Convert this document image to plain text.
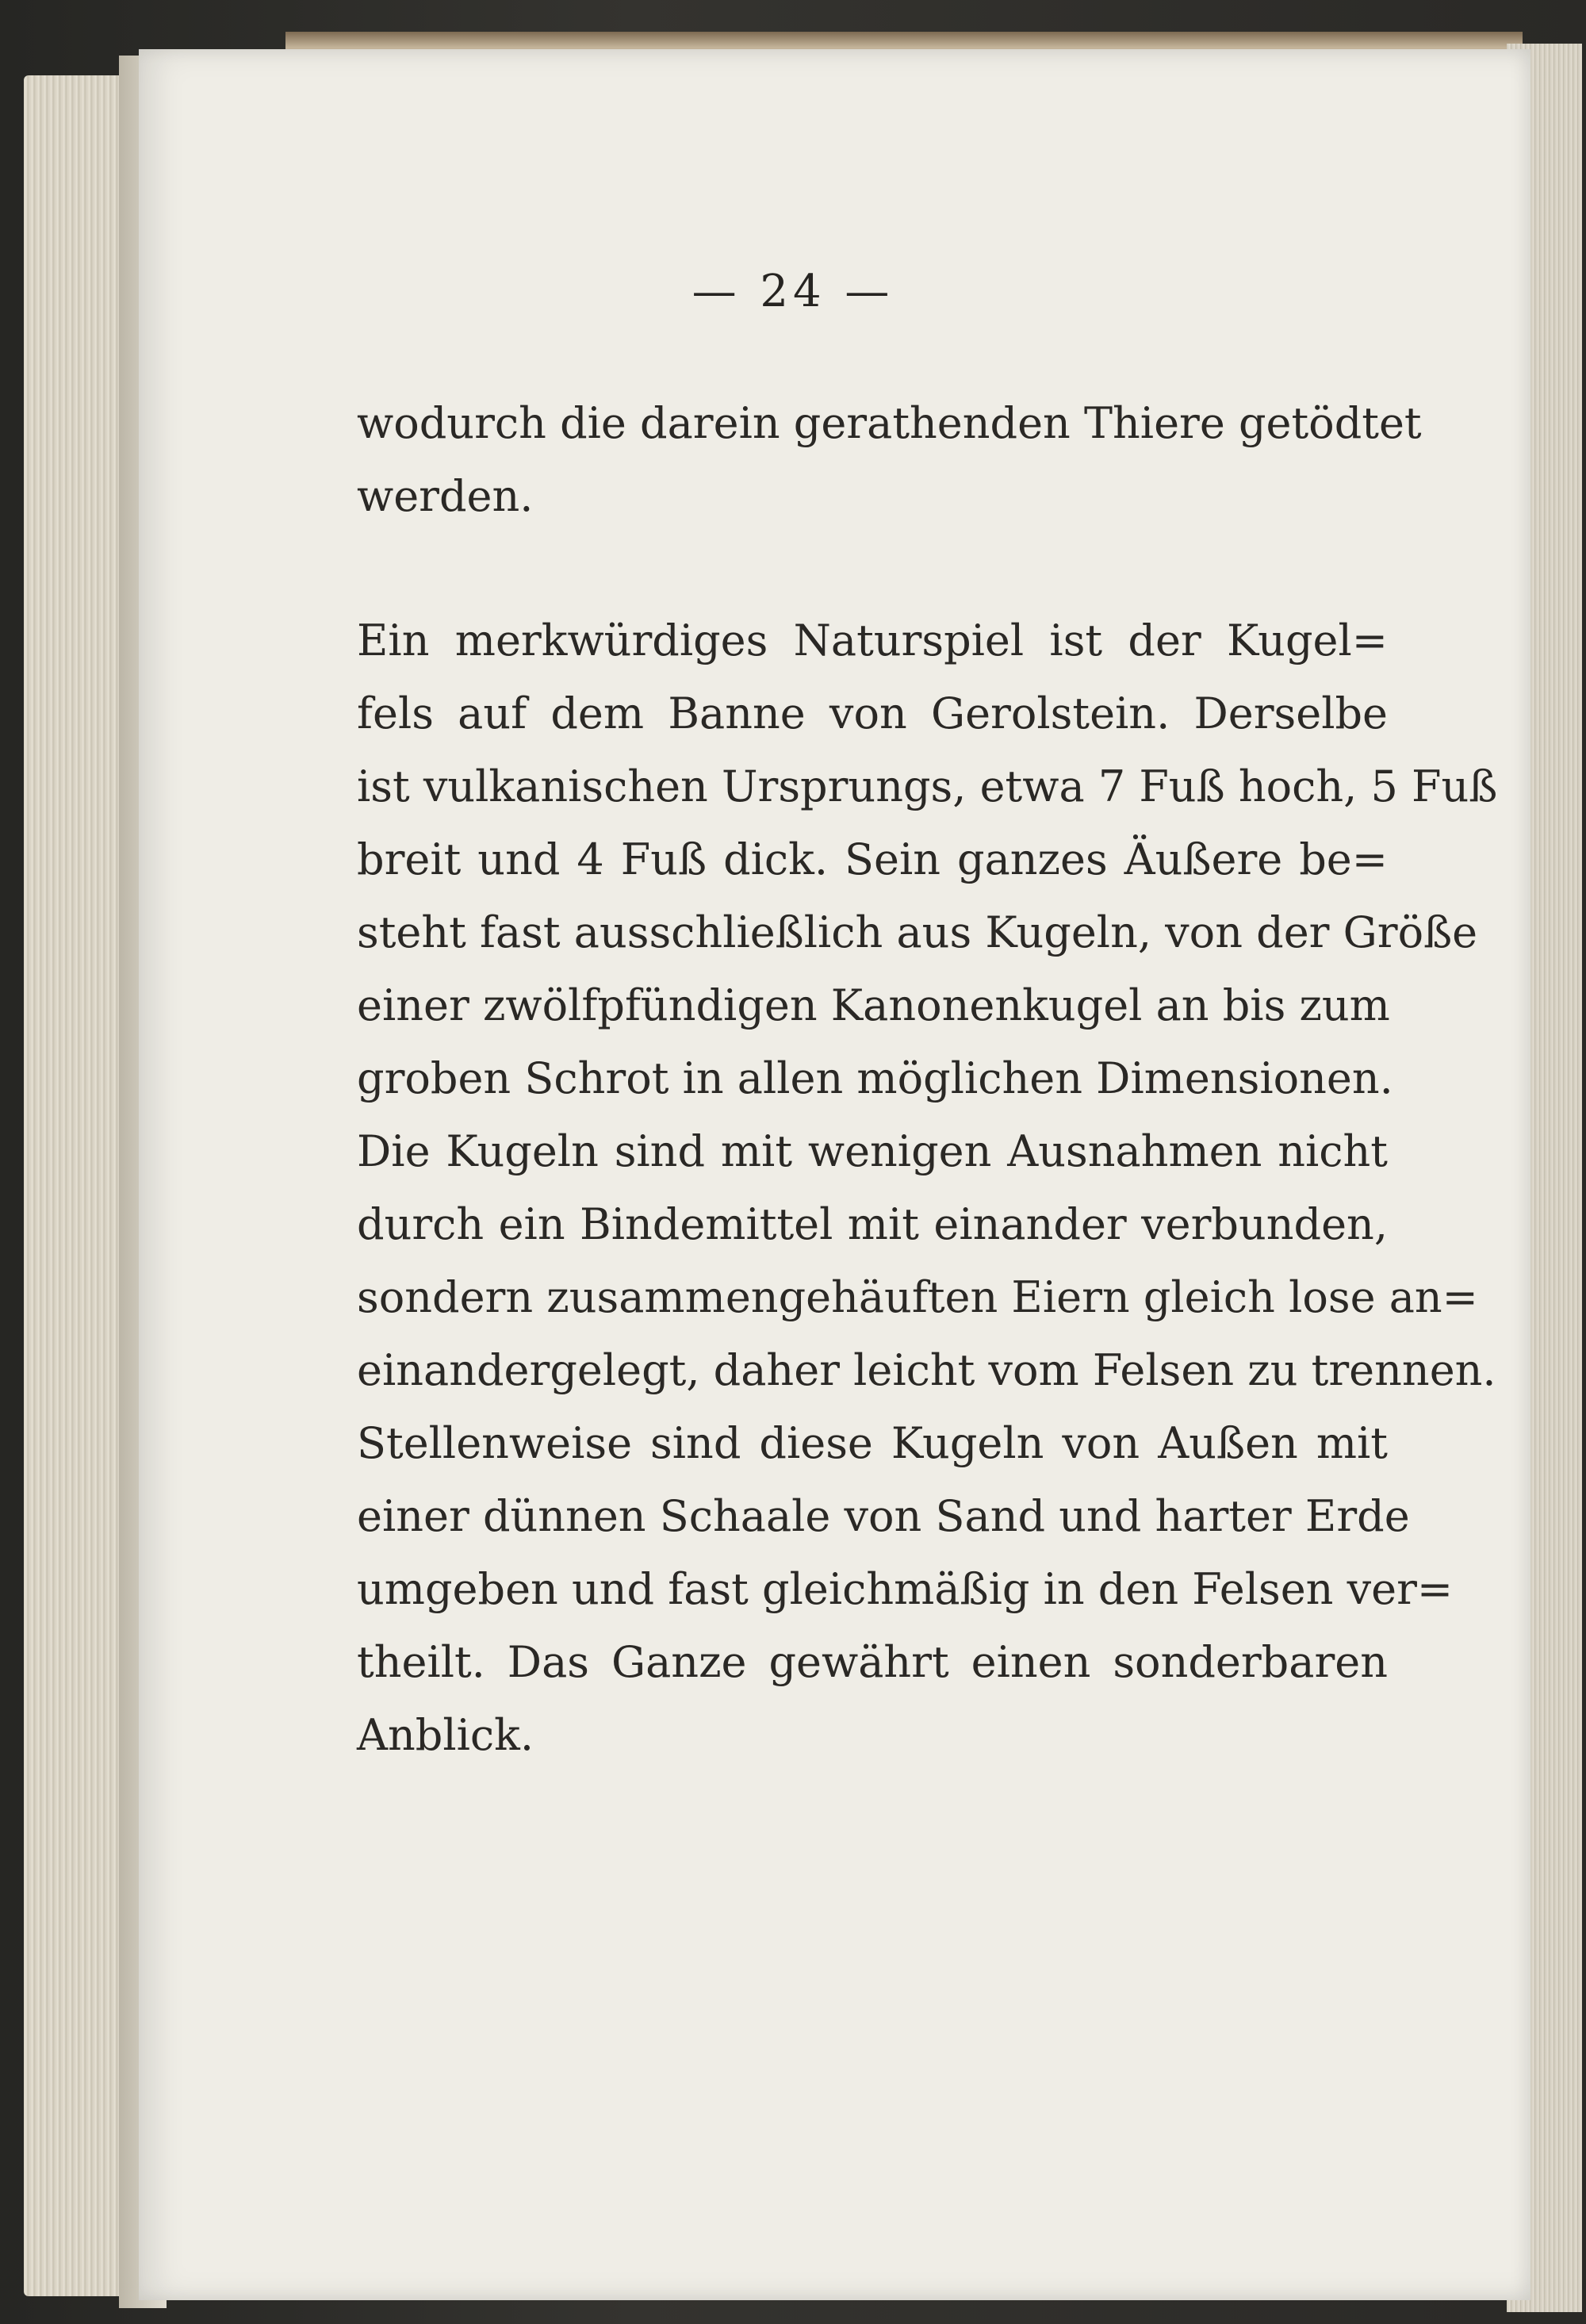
— 24 —
wodurch die darein gerathenden Thiere getödtet
werden.
Ein merkwürdiges Naturspiel ist der Kugel=
fels auf dem Banne von Gerolstein. Derselbe
ist vulkanischen Ursprungs, etwa 7 Fuß hoch, 5 Fuß
breit und 4 Fuß dick. Sein ganzes Äußere be=
steht fast ausschließlich aus Kugeln, von der Größe
einer zwölfpfündigen Kanonenkugel an bis zum
groben Schrot in allen möglichen Dimensionen.
Die Kugeln sind mit wenigen Ausnahmen nicht
durch ein Bindemittel mit einander verbunden,
sondern zusammengehäuften Eiern gleich lose an=
einandergelegt, daher leicht vom Felsen zu trennen.
Stellenweise sind diese Kugeln von Außen mit
einer dünnen Schaale von Sand und harter Erde
umgeben und fast gleichmäßig in den Felsen ver=
theilt. Das Ganze gewährt einen sonderbaren
Anblick.
